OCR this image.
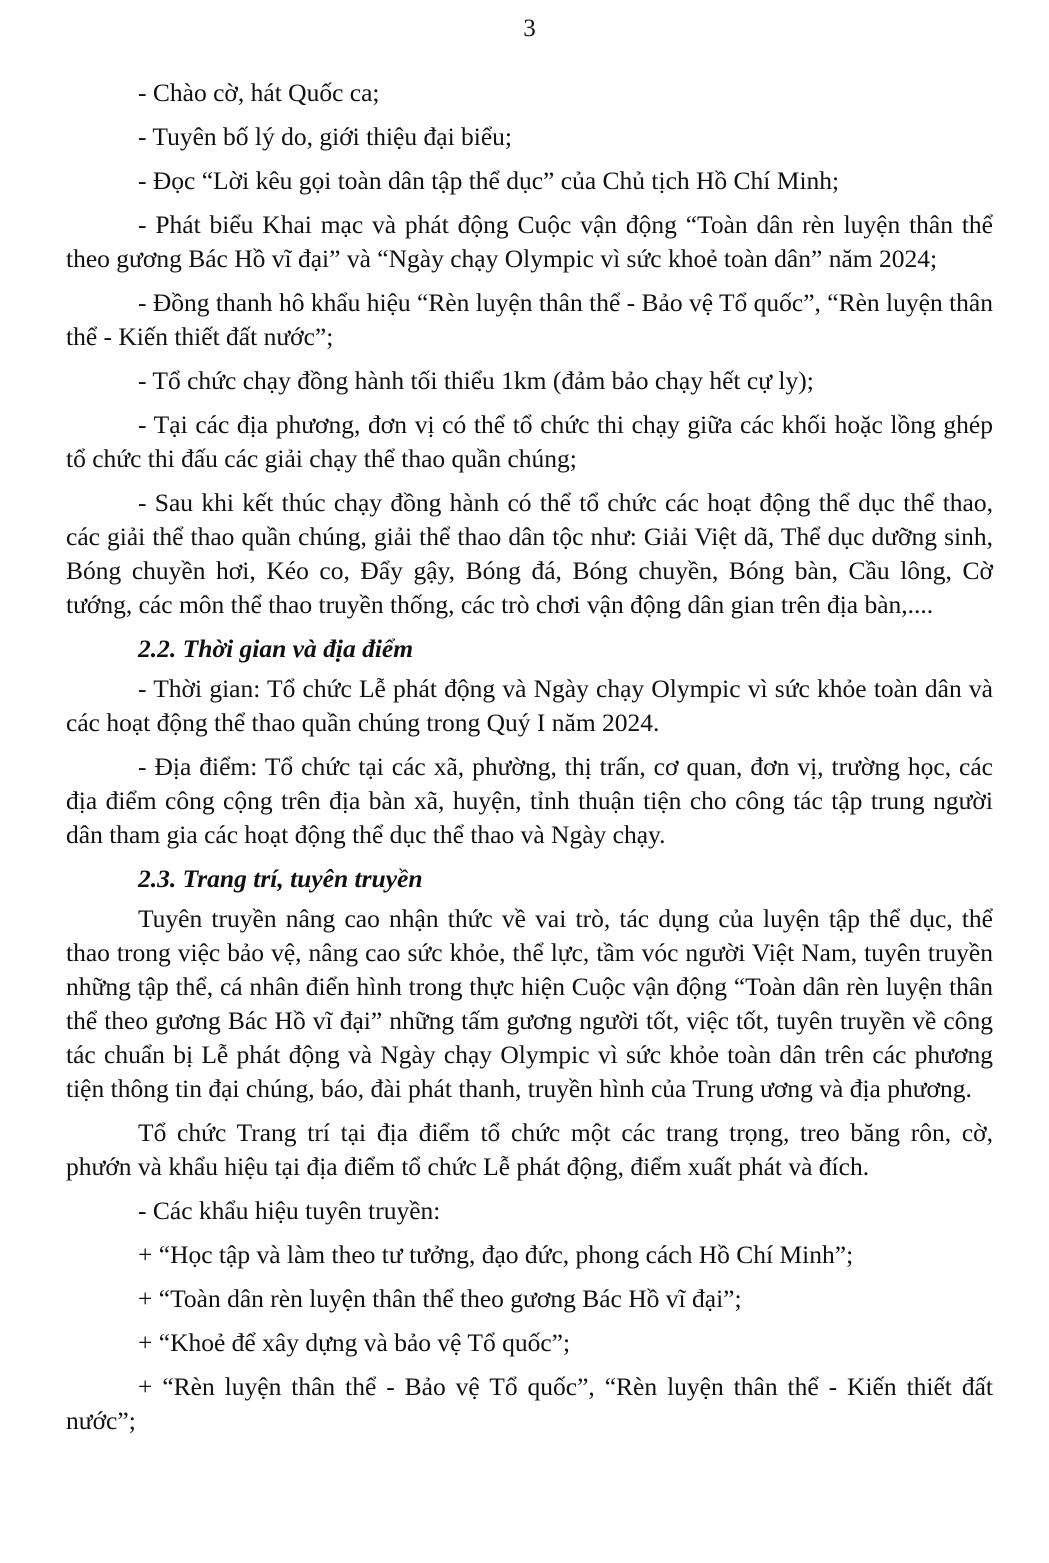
3

- Chào cờ, hát Quốc ca;

- Tuyên bố lý do, giới thiệu đại biểu;

- Đọc “Lời kêu gọi toàn dân tập thể dục” của Chủ tịch Hồ Chí Minh;

- Phát biểu Khai mạc và phát động Cuộc vận động “Toàn dân rèn luyện thân thể theo gương Bác Hồ vĩ đại” và “Ngày chạy Olympic vì sức khoẻ toàn dân” năm 2024;

- Đồng thanh hô khẩu hiệu “Rèn luyện thân thể - Bảo vệ Tổ quốc”, “Rèn luyện thân thể - Kiến thiết đất nước”;

- Tổ chức chạy đồng hành tối thiểu 1km (đảm bảo chạy hết cự ly);

- Tại các địa phương, đơn vị có thể tổ chức thi chạy giữa các khối hoặc lồng ghép tổ chức thi đấu các giải chạy thể thao quần chúng;

- Sau khi kết thúc chạy đồng hành có thể tổ chức các hoạt động thể dục thể thao, các giải thể thao quần chúng, giải thể thao dân tộc như: Giải Việt dã, Thể dục dưỡng sinh, Bóng chuyền hơi, Kéo co, Đẩy gậy, Bóng đá, Bóng chuyền, Bóng bàn, Cầu lông, Cờ tướng, các môn thể thao truyền thống, các trò chơi vận động dân gian trên địa bàn,....

2.2. Thời gian và địa điểm

- Thời gian: Tổ chức Lễ phát động và Ngày chạy Olympic vì sức khỏe toàn dân và các hoạt động thể thao quần chúng trong Quý I năm 2024.

- Địa điểm: Tổ chức tại các xã, phường, thị trấn, cơ quan, đơn vị, trường học, các địa điểm công cộng trên địa bàn xã, huyện, tỉnh thuận tiện cho công tác tập trung người dân tham gia các hoạt động thể dục thể thao và Ngày chạy.

2.3. Trang trí, tuyên truyền

Tuyên truyền nâng cao nhận thức về vai trò, tác dụng của luyện tập thể dục, thể thao trong việc bảo vệ, nâng cao sức khỏe, thể lực, tầm vóc người Việt Nam, tuyên truyền những tập thể, cá nhân điển hình trong thực hiện Cuộc vận động “Toàn dân rèn luyện thân thể theo gương Bác Hồ vĩ đại” những tấm gương người tốt, việc tốt, tuyên truyền về công tác chuẩn bị Lễ phát động và Ngày chạy Olympic vì sức khỏe toàn dân trên các phương tiện thông tin đại chúng, báo, đài phát thanh, truyền hình của Trung ương và địa phương.

Tổ chức Trang trí tại địa điểm tổ chức một các trang trọng, treo băng rôn, cờ, phướn và khẩu hiệu tại địa điểm tổ chức Lễ phát động, điểm xuất phát và đích.

- Các khẩu hiệu tuyên truyền:

+ “Học tập và làm theo tư tưởng, đạo đức, phong cách Hồ Chí Minh”;

+ “Toàn dân rèn luyện thân thể theo gương Bác Hồ vĩ đại”;

+ “Khoẻ để xây dựng và bảo vệ Tổ quốc”;

+ “Rèn luyện thân thể - Bảo vệ Tổ quốc”, “Rèn luyện thân thể - Kiến thiết đất nước”;
